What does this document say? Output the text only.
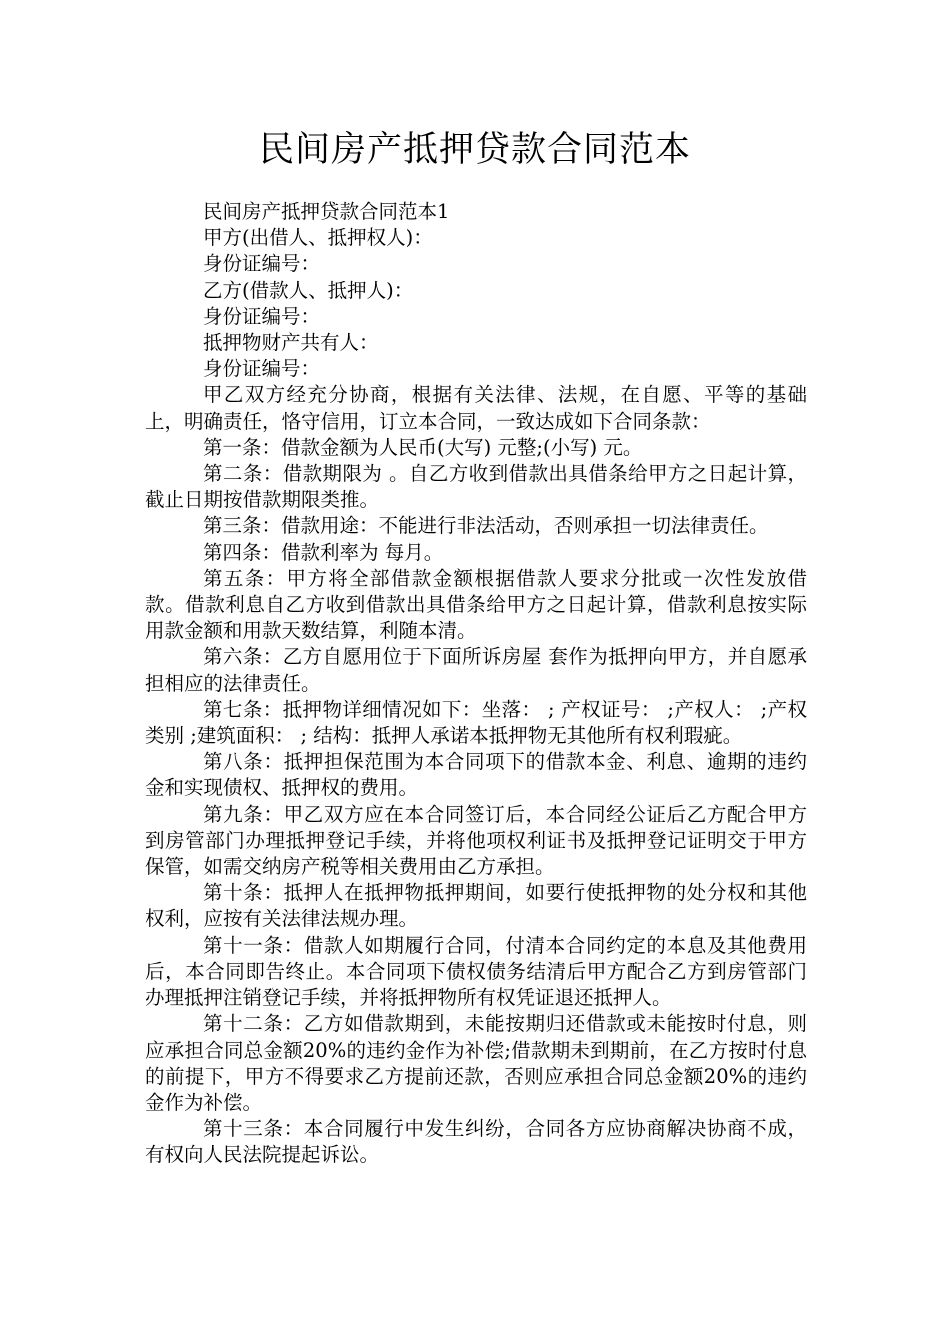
民间房产抵押贷款合同范本

民间房产抵押贷款合同范本1

甲方(出借人、抵押权人)：

身份证编号：

乙方(借款人、抵押人)：

身份证编号：

抵押物财产共有人：

身份证编号：

甲乙双方经充分协商，根据有关法律、法规，在自愿、平等的基础上，明确责任，恪守信用，订立本合同，一致达成如下合同条款：

第一条：借款金额为人民币(大写) 元整;(小写) 元。

第二条：借款期限为 。自乙方收到借款出具借条给甲方之日起计算，截止日期按借款期限类推。

第三条：借款用途：不能进行非法活动，否则承担一切法律责任。

第四条：借款利率为 每月。

第五条：甲方将全部借款金额根据借款人要求分批或一次性发放借款。借款利息自乙方收到借款出具借条给甲方之日起计算，借款利息按实际用款金额和用款天数结算，利随本清。

第六条：乙方自愿用位于下面所诉房屋 套作为抵押向甲方，并自愿承担相应的法律责任。

第七条：抵押物详细情况如下：坐落： ; 产权证号： ;产权人： ;产权类别 ;建筑面积： ; 结构：抵押人承诺本抵押物无其他所有权利瑕疵。

第八条：抵押担保范围为本合同项下的借款本金、利息、逾期的违约金和实现债权、抵押权的费用。

第九条：甲乙双方应在本合同签订后，本合同经公证后乙方配合甲方到房管部门办理抵押登记手续，并将他项权利证书及抵押登记证明交于甲方保管，如需交纳房产税等相关费用由乙方承担。

第十条：抵押人在抵押物抵押期间，如要行使抵押物的处分权和其他权利，应按有关法律法规办理。

第十一条：借款人如期履行合同，付清本合同约定的本息及其他费用后，本合同即告终止。本合同项下债权债务结清后甲方配合乙方到房管部门办理抵押注销登记手续，并将抵押物所有权凭证退还抵押人。

第十二条：乙方如借款期到，未能按期归还借款或未能按时付息，则应承担合同总金额20%的违约金作为补偿;借款期未到期前，在乙方按时付息的前提下，甲方不得要求乙方提前还款，否则应承担合同总金额20%的违约金作为补偿。

第十三条：本合同履行中发生纠纷，合同各方应协商解决协商不成，有权向人民法院提起诉讼。
